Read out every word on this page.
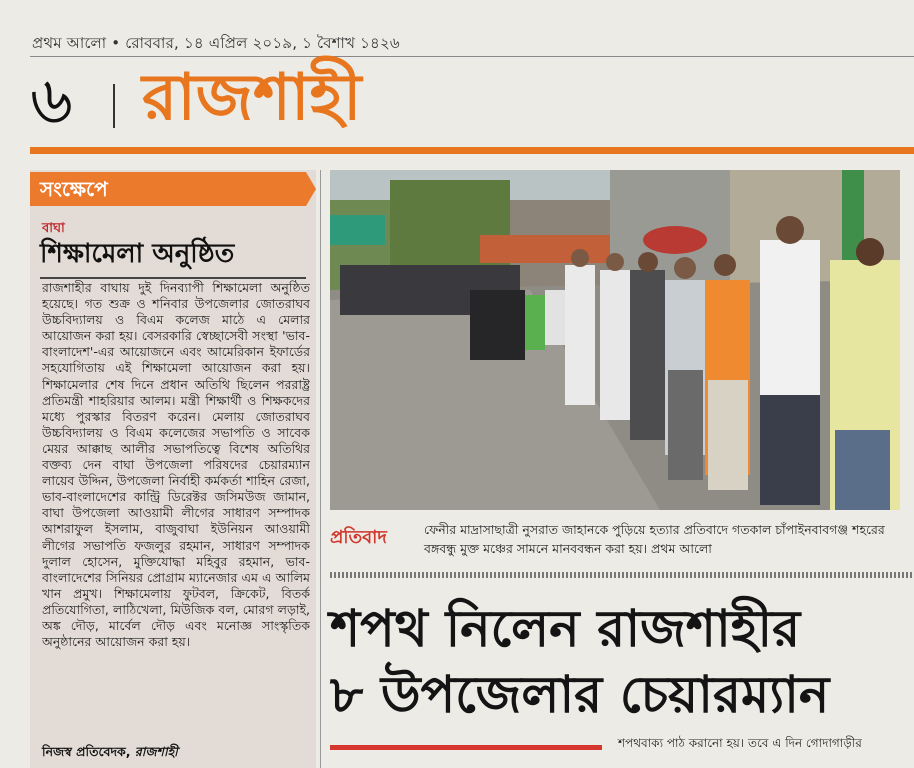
প্রথম আলো • রোববার, ১৪ এপ্রিল ২০১৯, ১ বৈশাখ ১৪২৬
৬ রাজশাহী
সংক্ষেপে
বাঘা
শিক্ষামেলা অনুষ্ঠিত
রাজশাহীর বাঘায় দুই দিনব্যাপী শিক্ষামেলা অনুষ্ঠিত হয়েছে। গত শুক্র ও শনিবার উপজেলার জোতরাঘব উচ্চবিদ্যালয় ও বিএম কলেজ মাঠে এ মেলার আয়োজন করা হয়। বেসরকারি স্বেচ্ছাসেবী সংস্থা 'ভাব-বাংলাদেশ'-এর আয়োজনে এবং আমেরিকান ইফার্ডের সহযোগিতায় এই শিক্ষামেলা আয়োজন করা হয়। শিক্ষামেলার শেষ দিনে প্রধান অতিথি ছিলেন পররাষ্ট্র প্রতিমন্ত্রী শাহরিয়ার আলম। মন্ত্রী শিক্ষার্থী ও শিক্ষকদের মধ্যে পুরস্কার বিতরণ করেন। মেলায় জোতরাঘব উচ্চবিদ্যালয় ও বিএম কলেজের সভাপতি ও সাবেক মেয়র আক্কাছ আলীর সভাপতিত্বে বিশেষ অতিথির বক্তব্য দেন বাঘা উপজেলা পরিষদের চেয়ারম্যান লায়েব উদ্দিন, উপজেলা নির্বাহী কর্মকর্তা শাহিন রেজা, ভাব-বাংলাদেশের কান্ট্রি ডিরেক্টর জসিমউজ জামান, বাঘা উপজেলা আওয়ামী লীগের সাধারণ সম্পাদক আশরাফুল ইসলাম, বাজুবাঘা ইউনিয়ন আওয়ামী লীগের সভাপতি ফজলুর রহমান, সাধারণ সম্পাদক দুলাল হোসেন, মুক্তিযোদ্ধা মহিবুর রহমান, ভাব-বাংলাদেশের সিনিয়র প্রোগ্রাম ম্যানেজার এম এ আলিম খান প্রমুখ। শিক্ষামেলায় ফুটবল, ক্রিকেট, বিতর্ক প্রতিযোগিতা, লাঠিখেলা, মিউজিক বল, মোরগ লড়াই, অঙ্ক দৌড়, মার্বেল দৌড় এবং মনোজ্ঞ সাংস্কৃতিক অনুষ্ঠানের আয়োজন করা হয়।
নিজস্ব প্রতিবেদক, রাজশাহী
প্রতিবাদ	ফেনীর মাদ্রাসাছাত্রী নুসরাত জাহানকে পুড়িয়ে হত্যার প্রতিবাদে গতকাল চাঁপাইনবাবগঞ্জ শহরের বঙ্গবন্ধু মুক্ত মঞ্চের সামনে মানববন্ধন করা হয়। প্রথম আলো
শপথ নিলেন রাজশাহীর
৮ উপজেলার চেয়ারম্যান
শপথবাক্য পাঠ করানো হয়। তবে এ দিন গোদাগাড়ীর
